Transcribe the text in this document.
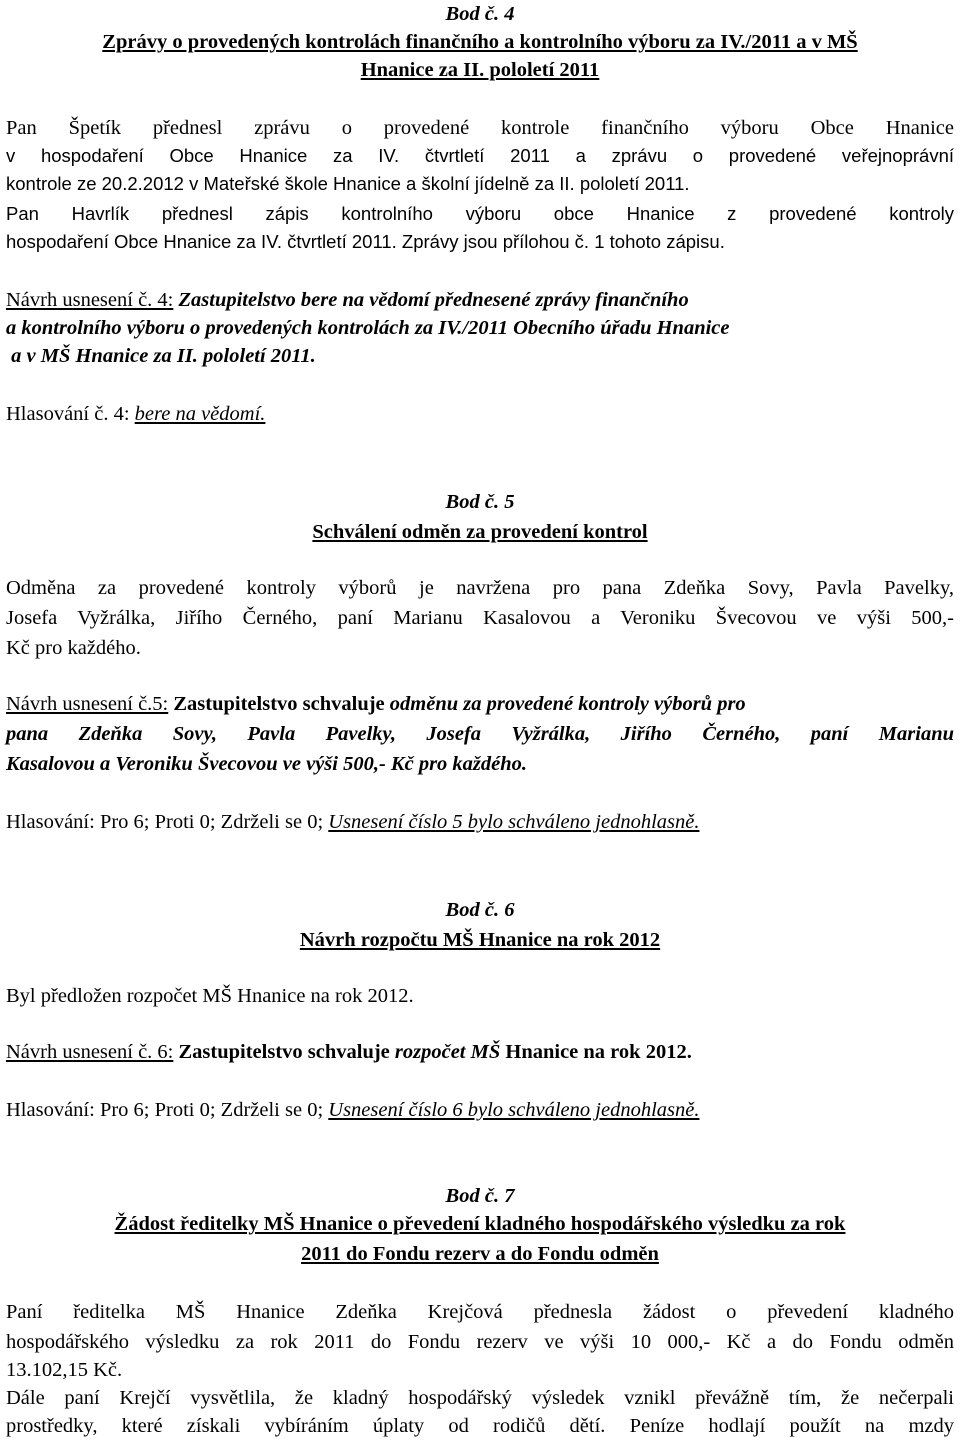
Bod č. 4
Zprávy o provedených kontrolách finančního a kontrolního výboru za IV./2011 a v MŠ
Hnanice za II. pololetí 2011
Pan Špetík přednesl zprávu o provedené kontrole finančního výboru Obce Hnanice
v hospodaření Obce Hnanice za IV. čtvrtletí 2011 a zprávu o provedené veřejnoprávní
kontrole ze 20.2.2012 v Mateřské škole Hnanice a školní jídelně za II. pololetí 2011.
Pan Havrlík přednesl zápis kontrolního výboru obce Hnanice z provedené kontroly
hospodaření Obce Hnanice za IV. čtvrtletí 2011. Zprávy jsou přílohou č. 1 tohoto zápisu.
Návrh usnesení č. 4: Zastupitelstvo bere na vědomí přednesené zprávy finančního
a kontrolního výboru o provedených kontrolách za IV./2011 Obecního úřadu Hnanice
a v MŠ Hnanice za II. pololetí 2011.
Hlasování č. 4: bere na vědomí.
Bod č. 5
Schválení odměn za provedení kontrol
Odměna za provedené kontroly výborů je navržena pro pana Zdeňka Sovy, Pavla Pavelky,
Josefa Vyžrálka, Jiřího Černého, paní Marianu Kasalovou a Veroniku Švecovou ve výši 500,-
Kč pro každého.
Návrh usnesení č.5: Zastupitelstvo schvaluje odměnu za provedené kontroly výborů pro
pana Zdeňka Sovy, Pavla Pavelky, Josefa Vyžrálka, Jiřího Černého, paní Marianu
Kasalovou a Veroniku Švecovou ve výši 500,- Kč pro každého.
Hlasování: Pro 6; Proti 0; Zdrželi se 0; Usnesení číslo 5 bylo schváleno jednohlasně.
Bod č. 6
Návrh rozpočtu MŠ Hnanice na rok 2012
Byl předložen rozpočet MŠ Hnanice na rok 2012.
Návrh usnesení č. 6: Zastupitelstvo schvaluje rozpočet MŠ Hnanice na rok 2012.
Hlasování: Pro 6; Proti 0; Zdrželi se 0; Usnesení číslo 6 bylo schváleno jednohlasně.
Bod č. 7
Žádost ředitelky MŠ Hnanice o převedení kladného hospodářského výsledku za rok
2011 do Fondu rezerv a do Fondu odměn
Paní ředitelka MŠ Hnanice Zdeňka Krejčová přednesla žádost o převedení kladného
hospodářského výsledku za rok 2011 do Fondu rezerv ve výši 10 000,- Kč a do Fondu odměn
13.102,15 Kč.
Dále paní Krejčí vysvětlila, že kladný hospodářský výsledek vznikl převážně tím, že nečerpali
prostředky, které získali vybíráním úplaty od rodičů dětí. Peníze hodlají použít na mzdy
